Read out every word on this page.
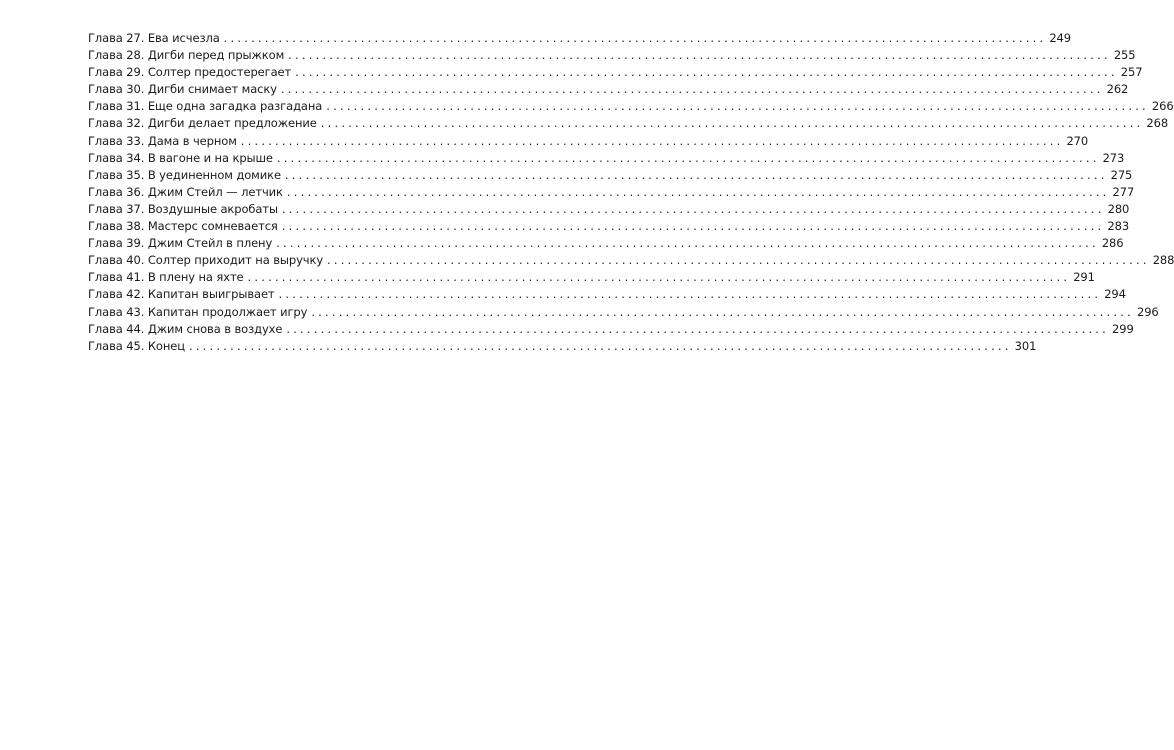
Глава 27. Ева исчезла ........................................................................................................................ 249
Глава 28. Дигби перед прыжком ........................................................................................................................ 255
Глава 29. Солтер предостерегает ........................................................................................................................ 257
Глава 30. Дигби снимает маску ........................................................................................................................ 262
Глава 31. Еще одна загадка разгадана ........................................................................................................................ 266
Глава 32. Дигби делает предложение ........................................................................................................................ 268
Глава 33. Дама в черном ........................................................................................................................ 270
Глава 34. В вагоне и на крыше ........................................................................................................................ 273
Глава 35. В уединенном домике ........................................................................................................................ 275
Глава 36. Джим Стейл — летчик ........................................................................................................................ 277
Глава 37. Воздушные акробаты ........................................................................................................................ 280
Глава 38. Мастерс сомневается ........................................................................................................................ 283
Глава 39. Джим Стейл в плену ........................................................................................................................ 286
Глава 40. Солтер приходит на выручку ........................................................................................................................ 288
Глава 41. В плену на яхте ........................................................................................................................ 291
Глава 42. Капитан выигрывает ........................................................................................................................ 294
Глава 43. Капитан продолжает игру ........................................................................................................................ 296
Глава 44. Джим снова в воздухе ........................................................................................................................ 299
Глава 45. Конец ........................................................................................................................ 301
